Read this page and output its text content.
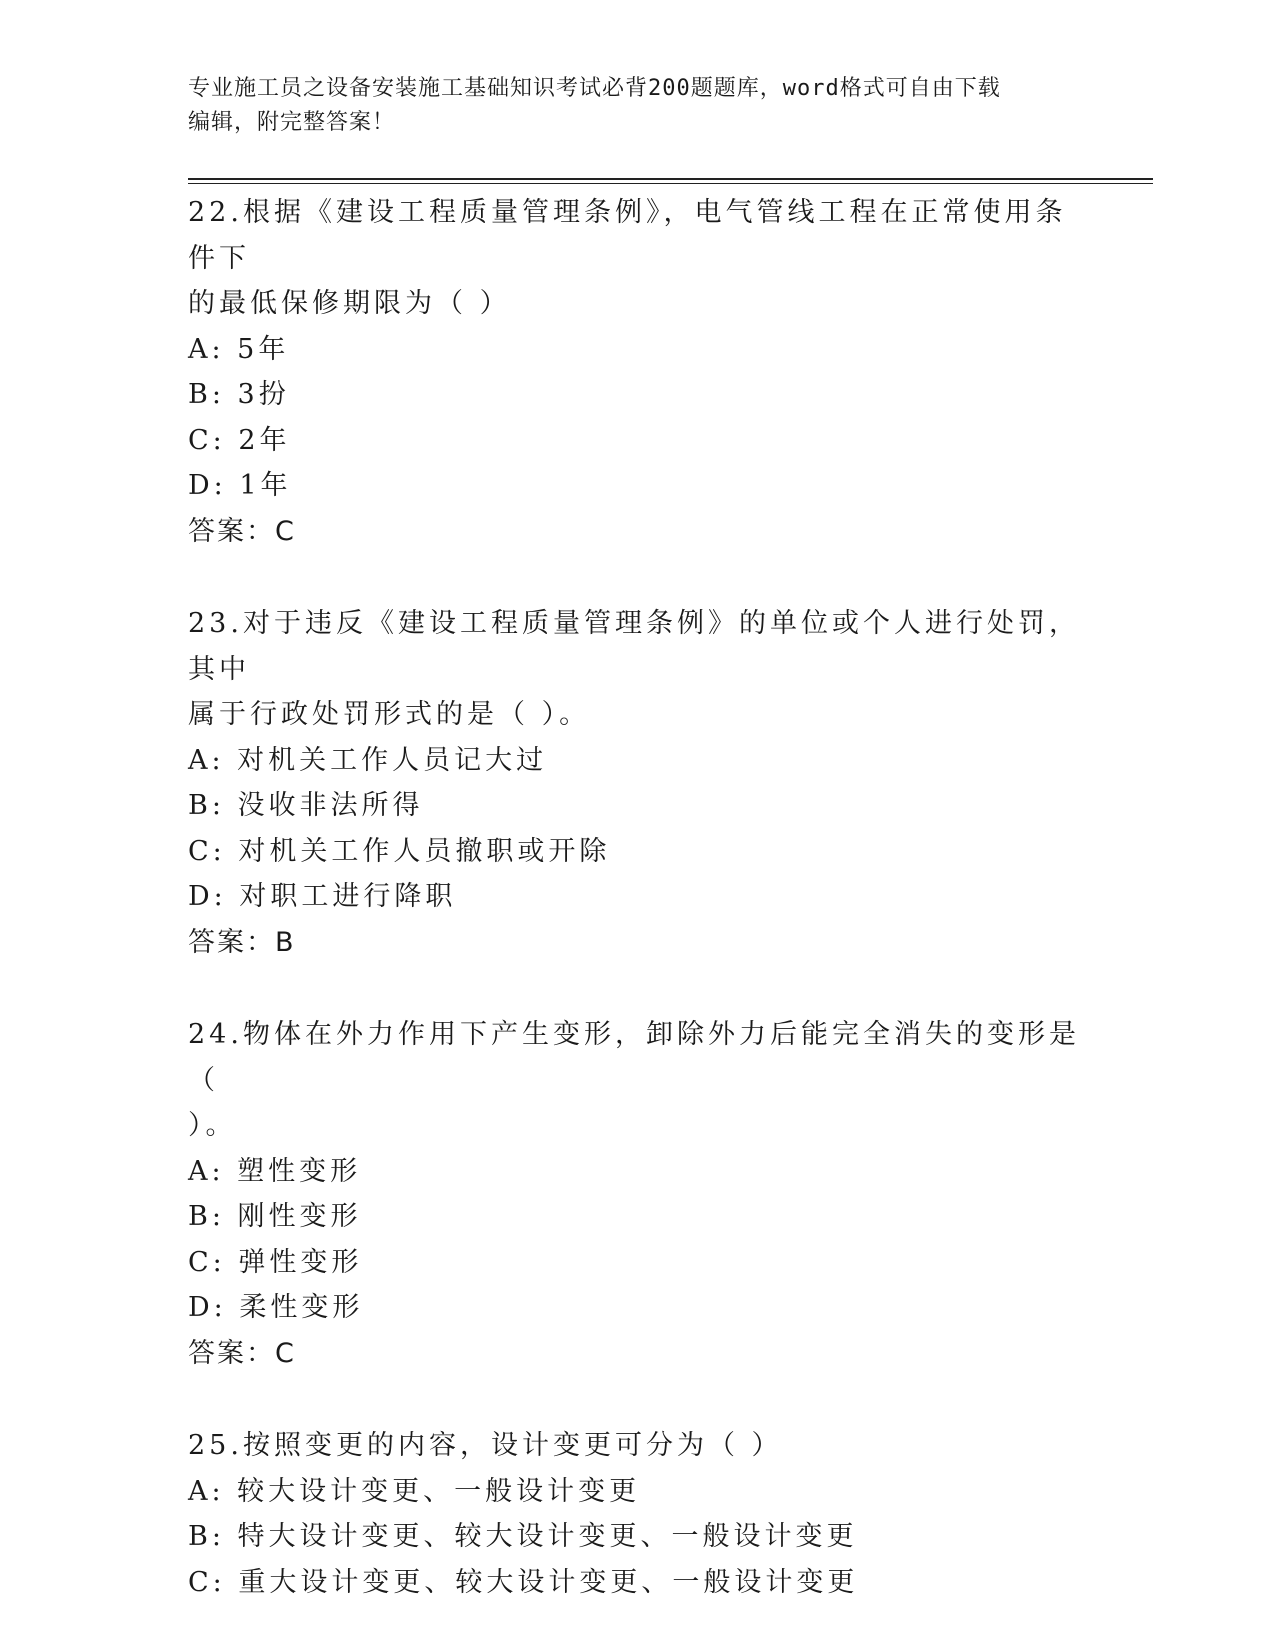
专业施工员之设备安装施工基础知识考试必背200题题库，word格式可自由下载
编辑，附完整答案！

22.根据《建设工程质量管理条例》，电气管线工程在正常使用条件下

的最低保修期限为（ ）

A: 5年

B: 3扮

C: 2年

D: 1年

答案：C

23.对于违反《建设工程质量管理条例》的单位或个人进行处罚，其中

属于行政处罚形式的是（ ）。

A: 对机关工作人员记大过

B: 没收非法所得

C: 对机关工作人员撤职或开除

D: 对职工进行降职

答案：B

24.物体在外力作用下产生变形，卸除外力后能完全消失的变形是（

）。

A: 塑性变形

B: 刚性变形

C: 弹性变形

D: 柔性变形

答案：C

25.按照变更的内容，设计变更可分为（ ）

A: 较大设计变更、一般设计变更

B: 特大设计变更、较大设计变更、一般设计变更

C: 重大设计变更、较大设计变更、一般设计变更
